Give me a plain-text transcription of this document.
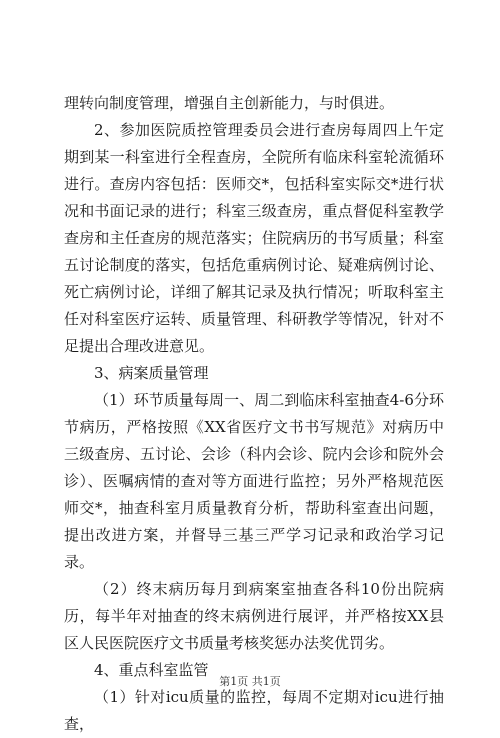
理转向制度管理，增强自主创新能力，与时俱进。

2、参加医院质控管理委员会进行查房每周四上午定期到某一科室进行全程查房，全院所有临床科室轮流循环进行。查房内容包括：医师交*，包括科室实际交*进行状况和书面记录的进行；科室三级查房，重点督促科室教学查房和主任查房的规范落实；住院病历的书写质量；科室五讨论制度的落实，包括危重病例讨论、疑难病例讨论、死亡病例讨论，详细了解其记录及执行情况；听取科室主任对科室医疗运转、质量管理、科研教学等情况，针对不足提出合理改进意见。

3、病案质量管理

（1）环节质量每周一、周二到临床科室抽查4-6分环节病历，严格按照《XX省医疗文书书写规范》对病历中三级查房、五讨论、会诊（科内会诊、院内会诊和院外会诊）、医嘱病情的查对等方面进行监控；另外严格规范医师交*，抽查科室月质量教育分析，帮助科室查出问题，提出改进方案，并督导三基三严学习记录和政治学习记录。

（2）终末病历每月到病案室抽查各科10份出院病历，每半年对抽查的终末病例进行展评，并严格按XX县区人民医院医疗文书质量考核奖惩办法奖优罚劣。

4、重点科室监管

（1）针对icu质量的监控，每周不定期对icu进行抽查，

第1页 共1页
